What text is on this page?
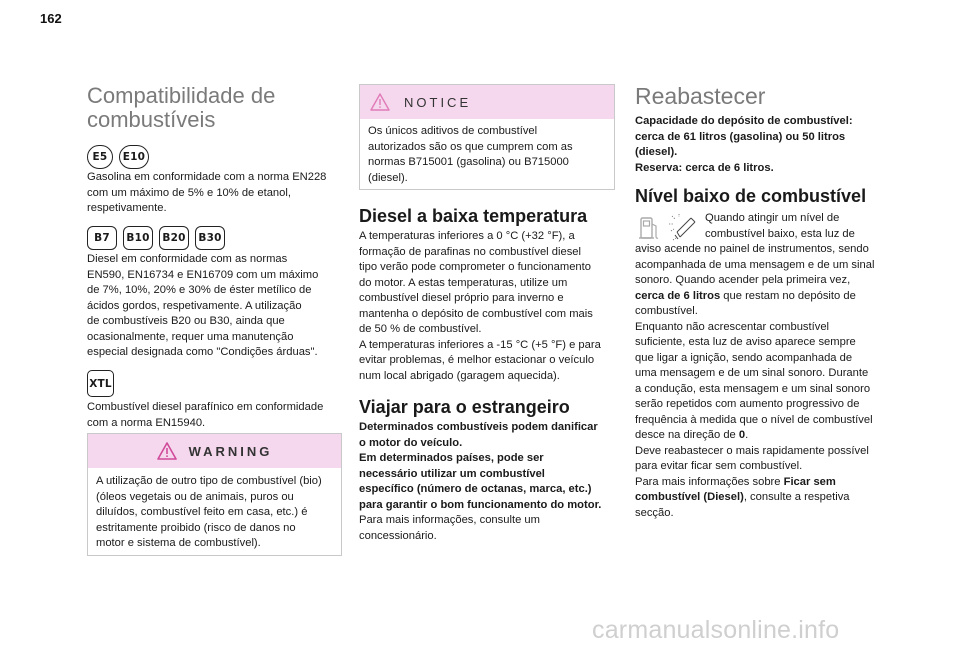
162
Compatibilidade de
combustíveis
E5	E10
Gasolina em conformidade com a norma EN228
com um máximo de 5% e 10% de etanol,
respetivamente.
B7	B10	B20	B30
Diesel em conformidade com as normas
EN590, EN16734 e EN16709 com um máximo
de 7%, 10%, 20% e 30% de éster metílico de
ácidos gordos, respetivamente. A utilização
de combustíveis B20 ou B30, ainda que
ocasionalmente, requer uma manutenção
especial designada como "Condições árduas".
XTL
Combustível diesel parafínico em conformidade
com a norma EN15940.
WARNING
A utilização de outro tipo de combustível (bio)
(óleos vegetais ou de animais, puros ou
diluídos, combustível feito em casa, etc.) é
estritamente proibido (risco de danos no
motor e sistema de combustível).
NOTICE
Os únicos aditivos de combustível
autorizados são os que cumprem com as
normas B715001 (gasolina) ou B715000
(diesel).
Diesel a baixa temperatura
A temperaturas inferiores a 0 °C (+32 °F), a
formação de parafinas no combustível diesel
tipo verão pode comprometer o funcionamento
do motor. A estas temperaturas, utilize um
combustível diesel próprio para inverno e
mantenha o depósito de combustível com mais
de 50 % de combustível.
A temperaturas inferiores a -15 °C (+5 °F) e para
evitar problemas, é melhor estacionar o veículo
num local abrigado (garagem aquecida).
Viajar para o estrangeiro
Determinados combustíveis podem danificar
o motor do veículo.
Em determinados países, pode ser
necessário utilizar um combustível
específico (número de octanas, marca, etc.)
para garantir o bom funcionamento do motor.
Para mais informações, consulte um
concessionário.
Reabastecer
Capacidade do depósito de combustível:
cerca de 61 litros (gasolina) ou 50 litros
(diesel).
Reserva: cerca de 6 litros.
Nível baixo de combustível
Quando atingir um nível de
combustível baixo, esta luz de
aviso acende no painel de instrumentos, sendo
acompanhada de uma mensagem e de um sinal
sonoro. Quando acender pela primeira vez,
cerca de 6 litros que restam no depósito de
combustível.
Enquanto não acrescentar combustível
suficiente, esta luz de aviso aparece sempre
que ligar a ignição, sendo acompanhada de
uma mensagem e de um sinal sonoro. Durante
a condução, esta mensagem e um sinal sonoro
serão repetidos com aumento progressivo de
frequência à medida que o nível de combustível
desce na direção de 0.
Deve reabastecer o mais rapidamente possível
para evitar ficar sem combustível.
Para mais informações sobre Ficar sem
combustível (Diesel), consulte a respetiva
secção.
carmanualsonline.info
